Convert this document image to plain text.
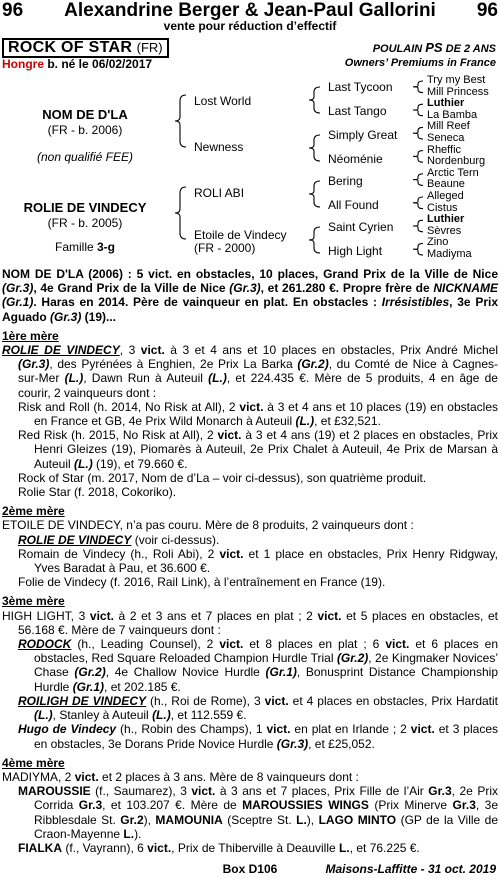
96	Alexandrine Berger & Jean-Paul Gallorini	96
vente pour réduction d’effectif
ROCK OF STAR (FR)
Hongre b. né le 06/02/2017
POULAIN PS DE 2 ANS
Owners’ Premiums in France
NOM DE D'LA
(FR - b. 2006)
(non qualifié FEE)
ROLIE DE VINDECY
(FR - b. 2005)
Famille 3-g
Lost World
Newness
ROLI ABI
Etoile de Vindecy
(FR - 2000)
Last Tycoon
Last Tango
Simply Great
Néoménie
Bering
All Found
Saint Cyrien
High Light
Try my Best
Mill Princess
Luthier
La Bamba
Mill Reef
Seneca
Rheffic
Nordenburg
Arctic Tern
Beaune
Alleged
Cistus
Luthier
Sèvres
Zino
Madiyma

NOM DE D'LA (2006) : 5 vict. en obstacles, 10 places, Grand Prix de la Ville de Nice (Gr.3), 4e Grand Prix de la Ville de Nice (Gr.3), et 261.280 €. Propre frère de NICKNAME (Gr.1). Haras en 2014. Père de vainqueur en plat. En obstacles : Irrésistibles, 3e Prix Aguado (Gr.3) (19)...

1ère mère

ROLIE DE VINDECY, 3 vict. à 3 et 4 ans et 10 places en obstacles, Prix André Michel (Gr.3), des Pyrénées à Enghien, 2e Prix La Barka (Gr.2), du Comté de Nice à Cagnes-sur-Mer (L.), Dawn Run à Auteuil (L.), et 224.435 €. Mère de 5 produits, 4 en âge de courir, 2 vainqueurs dont :

Risk and Roll (h. 2014, No Risk at All), 2 vict. à 3 et 4 ans et 10 places (19) en obstacles en France et GB, 4e Prix Wild Monarch à Auteuil (L.), et £32,521.

Red Risk (h. 2015, No Risk at All), 2 vict. à 3 et 4 ans (19) et 2 places en obstacles, Prix Henri Gleizes (19), Piomarès à Auteuil, 2e Prix Chalet à Auteuil, 4e Prix de Marsan à Auteuil (L.) (19), et 79.660 €.

Rock of Star (m. 2017, Nom de d’La – voir ci-dessus), son quatrième produit.

Rolie Star (f. 2018, Cokoriko).

2ème mère

ETOILE DE VINDECY, n’a pas couru. Mère de 8 produits, 2 vainqueurs dont :

ROLIE DE VINDECY (voir ci-dessus).

Romain de Vindecy (h., Roli Abi), 2 vict. et 1 place en obstacles, Prix Henry Ridgway, Yves Baradat à Pau, et 36.600 €.

Folie de Vindecy (f. 2016, Rail Link), à l’entraînement en France (19).

3ème mère

HIGH LIGHT, 3 vict. à 2 et 3 ans et 7 places en plat ; 2 vict. et 5 places en obstacles, et 56.168 €. Mère de 7 vainqueurs dont :

RODOCK (h., Leading Counsel), 2 vict. et 8 places en plat ; 6 vict. et 6 places en obstacles, Red Square Reloaded Champion Hurdle Trial (Gr.2), 2e Kingmaker Novices’ Chase (Gr.2), 4e Challow Novice Hurdle (Gr.1), Bonusprint Distance Championship Hurdle (Gr.1), et 202.185 €.

ROILIGH DE VINDECY (h., Roi de Rome), 3 vict. et 4 places en obstacles, Prix Hardatit (L.), Stanley à Auteuil (L.), et 112.559 €.

Hugo de Vindecy (h., Robin des Champs), 1 vict. en plat en Irlande ; 2 vict. et 3 places en obstacles, 3e Dorans Pride Novice Hurdle (Gr.3), et £25,052.

4ème mère

MADIYMA, 2 vict. et 2 places à 3 ans. Mère de 8 vainqueurs dont :

MAROUSSIE (f., Saumarez), 3 vict. à 3 ans et 7 places, Prix Fille de l’Air Gr.3, 2e Prix Corrida Gr.3, et 103.207 €. Mère de MAROUSSIES WINGS (Prix Minerve Gr.3, 3e Ribblesdale St. Gr.2), MAMOUNIA (Sceptre St. L.), LAGO MINTO (GP de la Ville de Craon-Mayenne L.).

FIALKA (f., Vayrann), 6 vict., Prix de Thiberville à Deauville L., et 76.225 €.

Box D106	Maisons-Laffitte - 31 oct. 2019
